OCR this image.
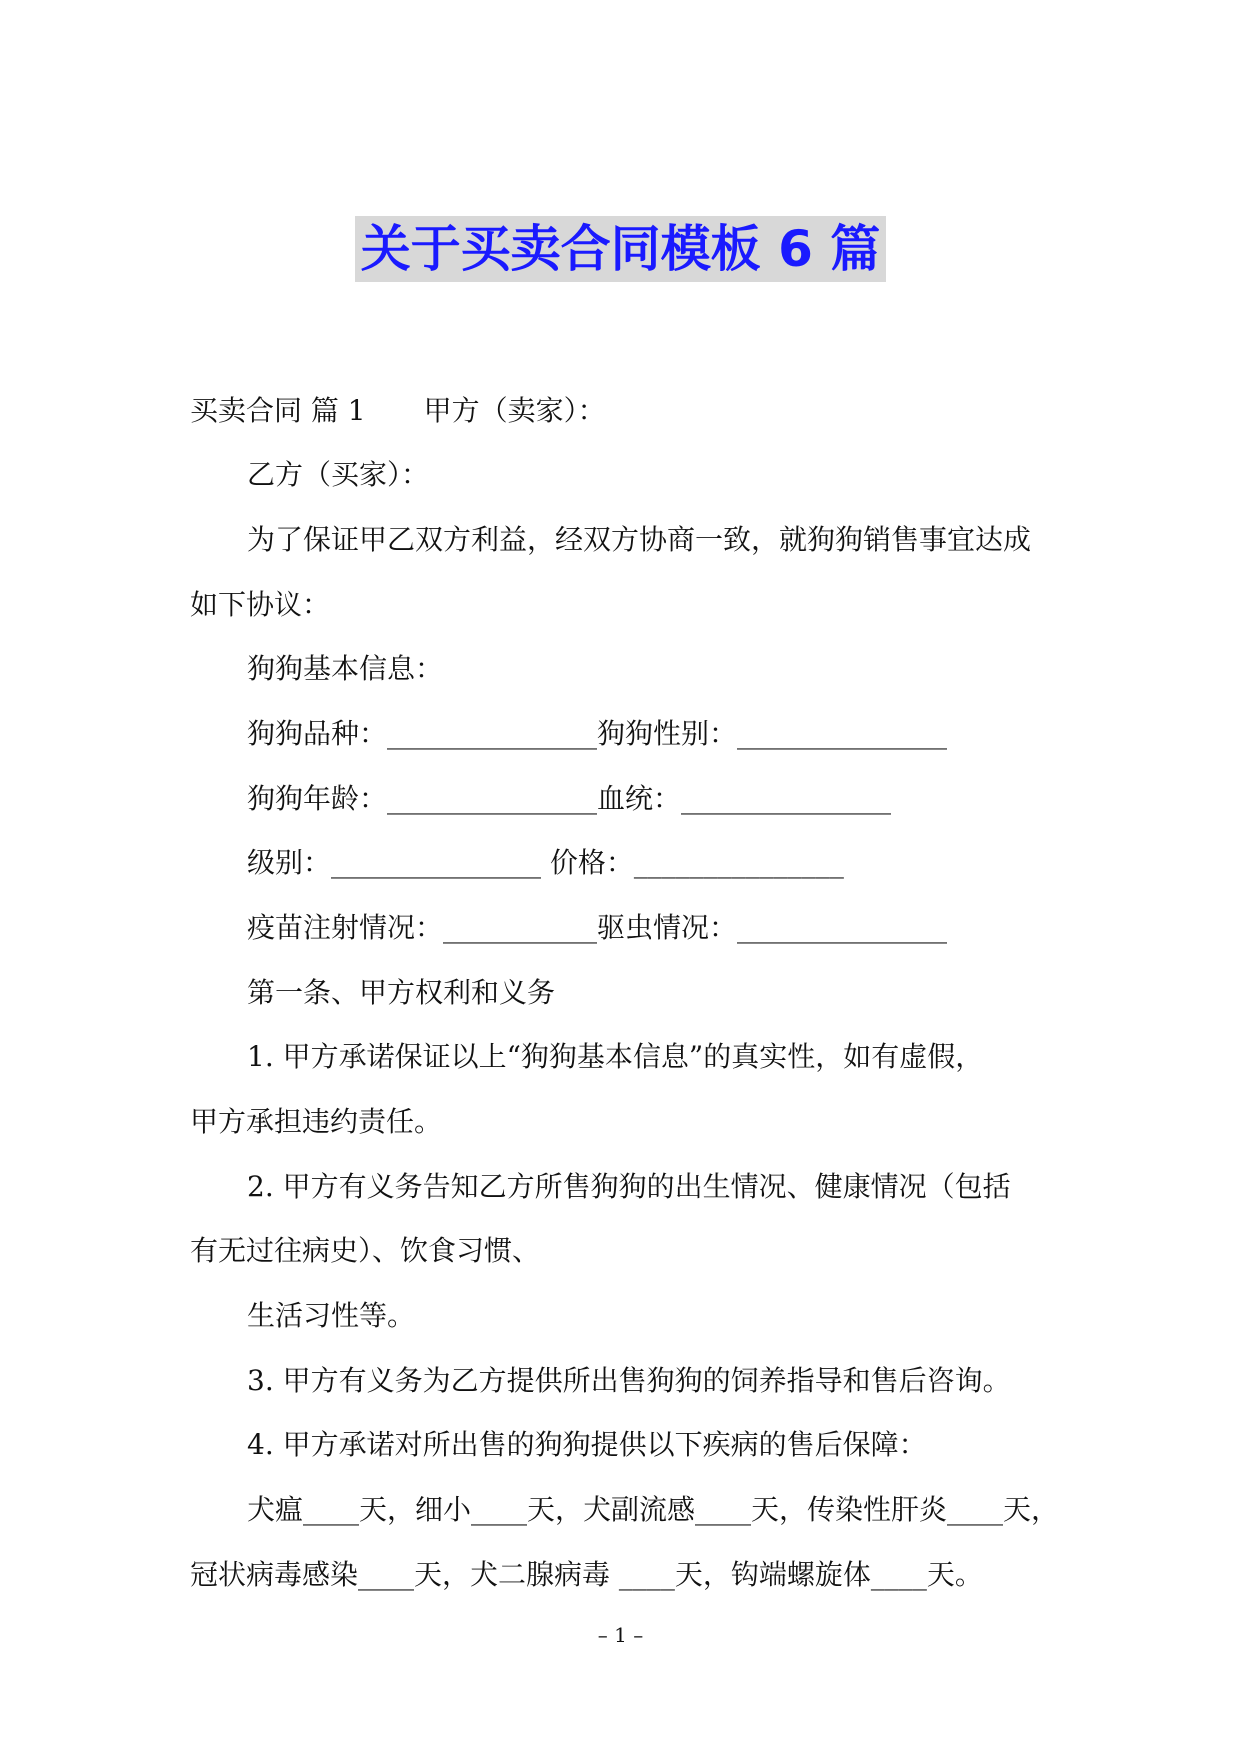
关于买卖合同模板 6 篇
买卖合同 篇 1 甲方（卖家）：
乙方（买家）：
为了保证甲乙双方利益，经双方协商一致，就狗狗销售事宜达成
如下协议：
狗狗基本信息：
狗狗品种：_______________狗狗性别：_______________
狗狗年龄：_______________血统：_______________
级别：_______________ 价格：_______________
疫苗注射情况：___________驱虫情况：_______________
第一条、甲方权利和义务
1. 甲方承诺保证以上“狗狗基本信息”的真实性，如有虚假，
甲方承担违约责任。
2. 甲方有义务告知乙方所售狗狗的出生情况、健康情况（包括
有无过往病史）、饮食习惯、
生活习性等。
3. 甲方有义务为乙方提供所出售狗狗的饲养指导和售后咨询。
4. 甲方承诺对所出售的狗狗提供以下疾病的售后保障：
犬瘟____天，细小____天，犬副流感____天，传染性肝炎____天，
冠状病毒感染____天，犬二腺病毒 ____天，钩端螺旋体____天。
– 1 –
